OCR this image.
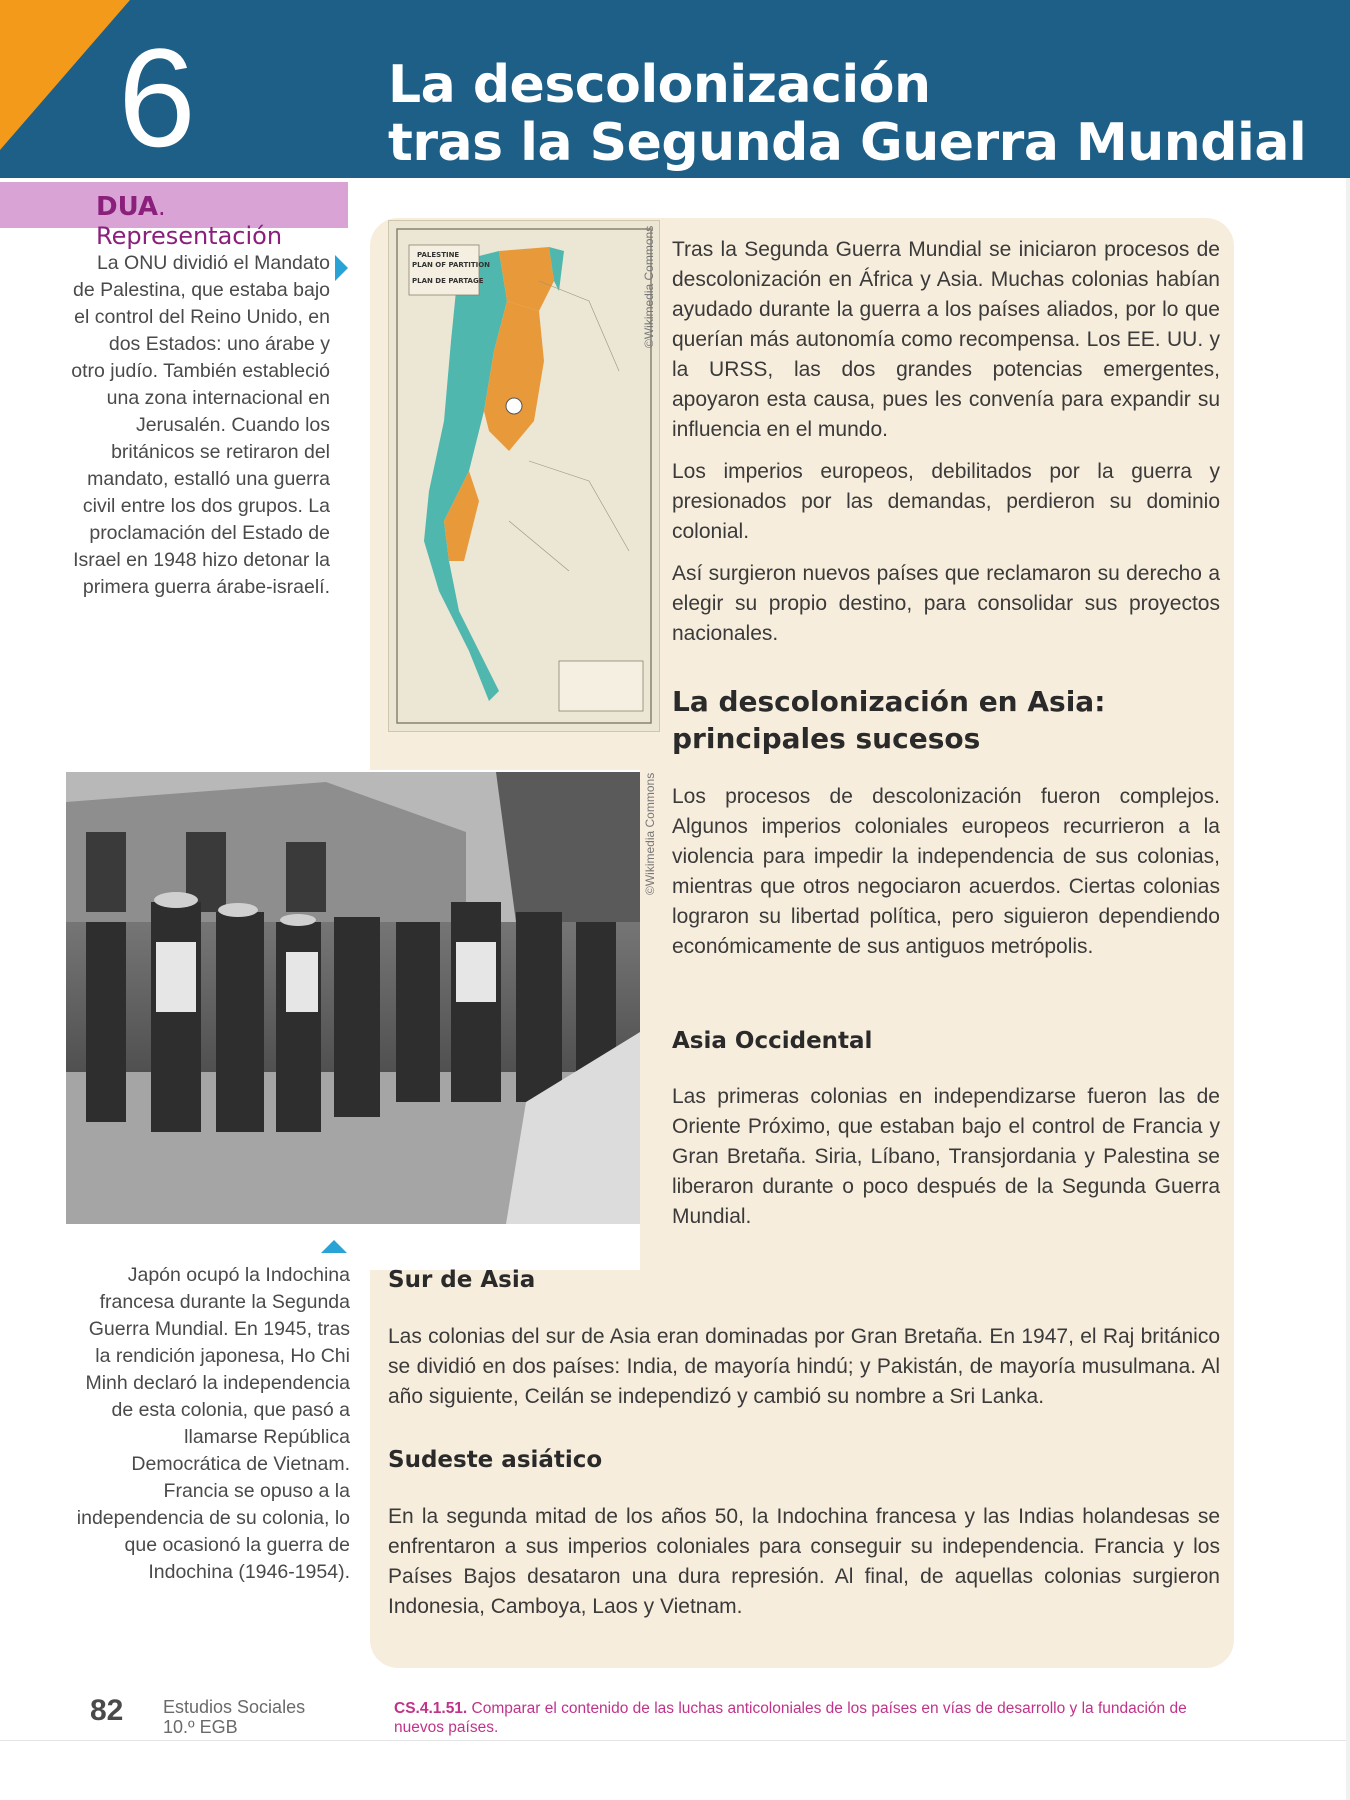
6	La descolonización
tras la Segunda Guerra Mundial
DUA. Representación
La ONU dividió el Mandato de Palestina, que estaba bajo el control del Reino Unido, en dos Estados: uno árabe y otro judío. También estableció una zona internacional en Jerusalén. Cuando los británicos se retiraron del mandato, estalló una guerra civil entre los dos grupos. La proclamación del Estado de Israel en 1948 hizo detonar la primera guerra árabe-israelí.
PALESTINE
PLAN OF PARTITION
PLAN DE PARTAGE	©Wikimedia Commons
©Wikimedia Commons
Japón ocupó la Indochina francesa durante la Segunda Guerra Mundial. En 1945, tras la rendición japonesa, Ho Chi Minh declaró la independencia de esta colonia, que pasó a llamarse República Democrática de Vietnam. Francia se opuso a la independencia de su colonia, lo que ocasionó la guerra de Indochina (1946-1954).
Tras la Segunda Guerra Mundial se iniciaron procesos de descolonización en África y Asia. Muchas colonias habían ayudado durante la guerra a los países aliados, por lo que querían más autonomía como recompensa. Los EE. UU. y la URSS, las dos grandes potencias emergentes, apoyaron esta causa, pues les convenía para expandir su influencia en el mundo.
Los imperios europeos, debilitados por la guerra y presionados por las demandas, perdieron su dominio colonial.
Así surgieron nuevos países que reclamaron su derecho a elegir su propio destino, para consolidar sus proyectos nacionales.
La descolonización en Asia: principales sucesos
Los procesos de descolonización fueron complejos. Algunos imperios coloniales europeos recurrieron a la violencia para impedir la independencia de sus colonias, mientras que otros negociaron acuerdos. Ciertas colonias lograron su libertad política, pero siguieron dependiendo económicamente de sus antiguos metrópolis.
Asia Occidental
Las primeras colonias en independizarse fueron las de Oriente Próximo, que estaban bajo el control de Francia y Gran Bretaña. Siria, Líbano, Transjordania y Palestina se liberaron durante o poco después de la Segunda Guerra Mundial.
Sur de Asia
Las colonias del sur de Asia eran dominadas por Gran Bretaña. En 1947, el Raj británico se dividió en dos países: India, de mayoría hindú; y Pakistán, de mayoría musulmana. Al año siguiente, Ceilán se independizó y cambió su nombre a Sri Lanka.
Sudeste asiático
En la segunda mitad de los años 50, la Indochina francesa y las Indias holandesas se enfrentaron a sus imperios coloniales para conseguir su independencia. Francia y los Países Bajos desataron una dura represión. Al final, de aquellas colonias surgieron Indonesia, Camboya, Laos y Vietnam.
82 Estudios Sociales
10.º EGB
CS.4.1.51. Comparar el contenido de las luchas anticoloniales de los países en vías de desarrollo y la fundación de nuevos países.
